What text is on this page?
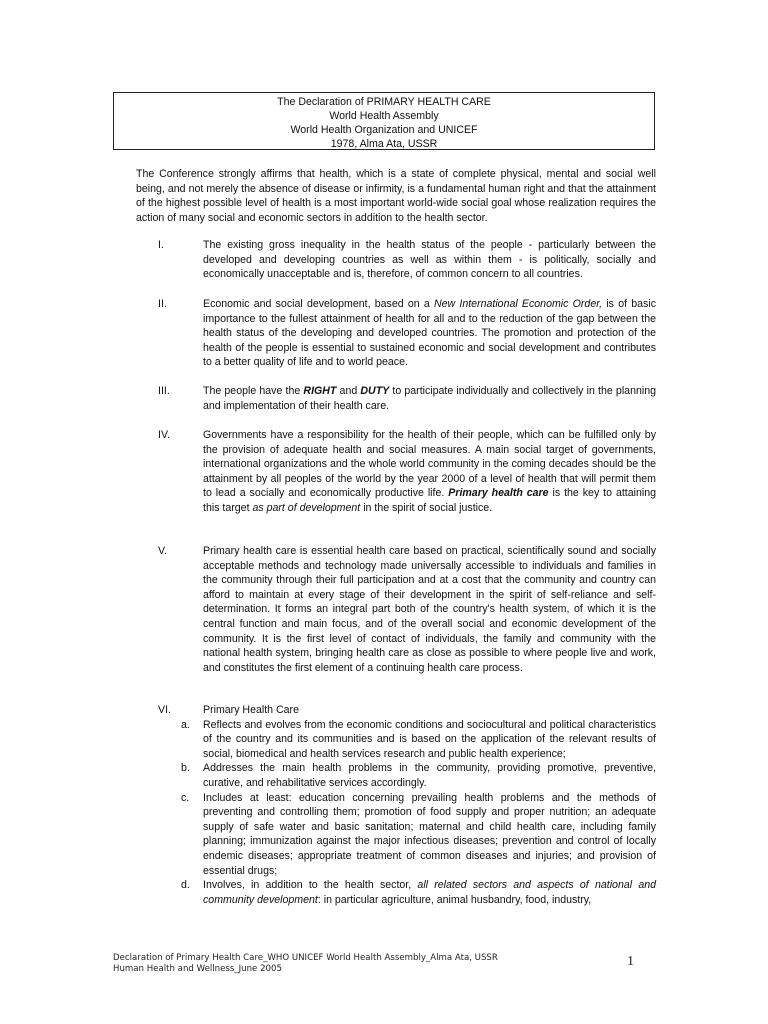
The Declaration of PRIMARY HEALTH CARE
World Health Assembly
World Health Organization and UNICEF
1978, Alma Ata, USSR
The Conference strongly affirms that health, which is a state of complete physical, mental and social well being, and not merely the absence of disease or infirmity, is a fundamental human right and that the attainment of the highest possible level of health is a most important world-wide social goal whose realization requires the action of many social and economic sectors in addition to the health sector.
I.	The existing gross inequality in the health status of the people - particularly between the developed and developing countries as well as within them - is politically, socially and economically unacceptable and is, therefore, of common concern to all countries.
II.	Economic and social development, based on a New International Economic Order, is of basic importance to the fullest attainment of health for all and to the reduction of the gap between the health status of the developing and developed countries. The promotion and protection of the health of the people is essential to sustained economic and social development and contributes to a better quality of life and to world peace.
III.	The people have the RIGHT and DUTY to participate individually and collectively in the planning and implementation of their health care.
IV.	Governments have a responsibility for the health of their people, which can be fulfilled only by the provision of adequate health and social measures. A main social target of governments, international organizations and the whole world community in the coming decades should be the attainment by all peoples of the world by the year 2000 of a level of health that will permit them to lead a socially and economically productive life. Primary health care is the key to attaining this target as part of development in the spirit of social justice.
V.	Primary health care is essential health care based on practical, scientifically sound and socially acceptable methods and technology made universally accessible to individuals and families in the community through their full participation and at a cost that the community and country can afford to maintain at every stage of their development in the spirit of self-reliance and self-determination. It forms an integral part both of the country's health system, of which it is the central function and main focus, and of the overall social and economic development of the community. It is the first level of contact of individuals, the family and community with the national health system, bringing health care as close as possible to where people live and work, and constitutes the first element of a continuing health care process.
VI.	Primary Health Care
a. Reflects and evolves from the economic conditions and sociocultural and political characteristics of the country and its communities and is based on the application of the relevant results of social, biomedical and health services research and public health experience;
b. Addresses the main health problems in the community, providing promotive, preventive, curative, and rehabilitative services accordingly.
c. Includes at least: education concerning prevailing health problems and the methods of preventing and controlling them; promotion of food supply and proper nutrition; an adequate supply of safe water and basic sanitation; maternal and child health care, including family planning; immunization against the major infectious diseases; prevention and control of locally endemic diseases; appropriate treatment of common diseases and injuries; and provision of essential drugs;
d. Involves, in addition to the health sector, all related sectors and aspects of national and community development: in particular agriculture, animal husbandry, food, industry,
Declaration of Primary Health Care_WHO UNICEF World Health Assembly_Alma Ata, USSR
Human Health and Wellness_June 2005	1
